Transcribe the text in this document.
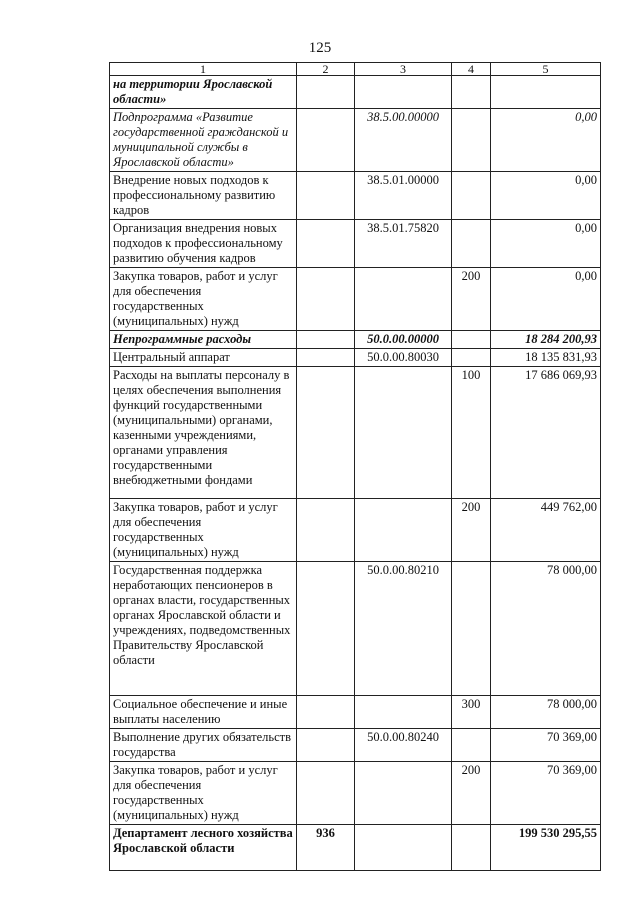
125
1	2	3	4	5
на территории Ярославской области»				
Подпрограмма «Развитие государственной гражданской и муниципальной службы в Ярославской области»		38.5.00.00000		0,00
Внедрение новых подходов к профессиональному развитию кадров		38.5.01.00000		0,00
Организация внедрения новых подходов к профессиональному развитию обучения кадров		38.5.01.75820		0,00
Закупка товаров, работ и услуг для обеспечения государственных (муниципальных) нужд			200	0,00
Непрограммные расходы		50.0.00.00000		18 284 200,93
Центральный аппарат		50.0.00.80030		18 135 831,93
Расходы на выплаты персоналу в целях обеспечения выполнения функций государственными (муниципальными) органами, казенными учреждениями, органами управления государственными внебюджетными фондами			100	17 686 069,93
Закупка товаров, работ и услуг для обеспечения государственных (муниципальных) нужд			200	449 762,00
Государственная поддержка неработающих пенсионеров в органах власти, государственных органах Ярославской области и учреждениях, подведомственных Правительству Ярославской области		50.0.00.80210		78 000,00
Социальное обеспечение и иные выплаты населению			300	78 000,00
Выполнение других обязательств государства		50.0.00.80240		70 369,00
Закупка товаров, работ и услуг для обеспечения государственных (муниципальных) нужд			200	70 369,00
Департамент лесного хозяйства Ярославской области	936			199 530 295,55
